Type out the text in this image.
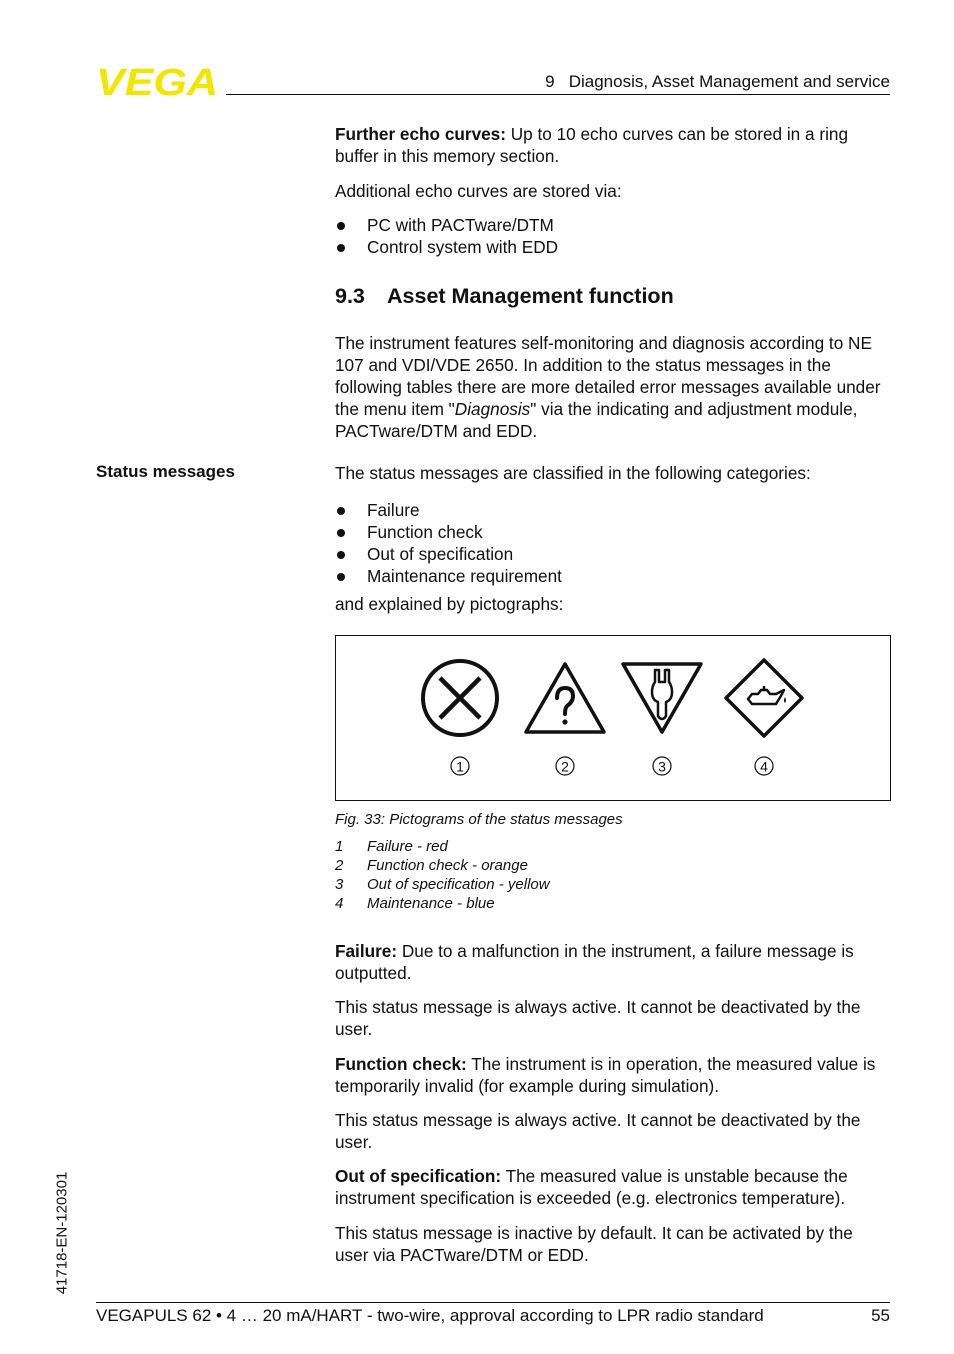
VEGA	9   Diagnosis, Asset Management and service

Further echo curves: Up to 10 echo curves can be stored in a ring buffer in this memory section.

Additional echo curves are stored via:
PC with PACTware/DTM
Control system with EDD
9.3 Asset Management function

The instrument features self-monitoring and diagnosis according to NE 107 and VDI/VDE 2650. In addition to the status messages in the following tables there are more detailed error messages available under the menu item "Diagnosis" via the indicating and adjustment module, PACTware/DTM and EDD.

Status messages	The status messages are classified in the following categories:
Failure
Function check
Out of specification
Maintenance requirement
and explained by pictographs:
1	2	3	4
Fig. 33: Pictograms of the status messages
1 Failure - red
2 Function check - orange
3 Out of specification - yellow
4 Maintenance - blue

Failure: Due to a malfunction in the instrument, a failure message is outputted.

This status message is always active. It cannot be deactivated by the user.

Function check: The instrument is in operation, the measured value is temporarily invalid (for example during simulation).

This status message is always active. It cannot be deactivated by the user.

Out of specification: The measured value is unstable because the instrument specification is exceeded (e.g. electronics temperature).

This status message is inactive by default. It can be activated by the user via PACTware/DTM or EDD.
41718-EN-120301
VEGAPULS 62 • 4 … 20 mA/HART - two-wire, approval according to LPR radio standard	55
